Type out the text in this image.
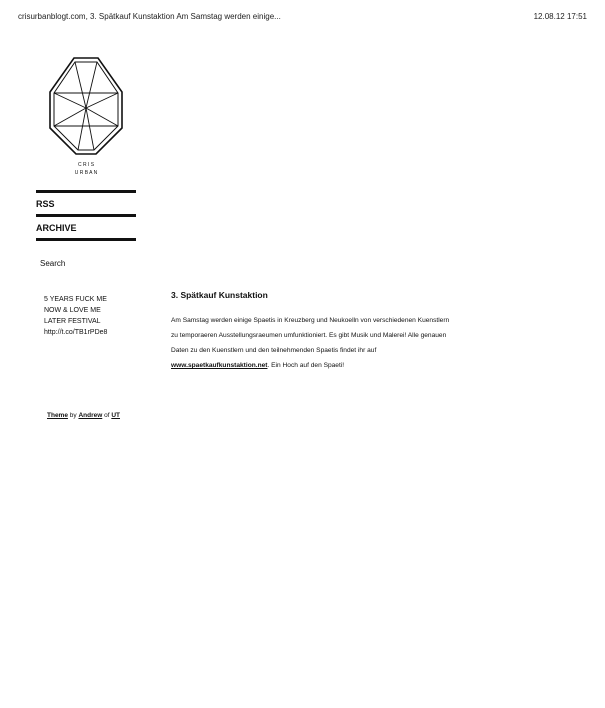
crisurbanblogt.com, 3. Spätkauf Kunstaktion Am Samstag werden einige...	12.08.12 17:51
C R I S
U R B A N
RSS
ARCHIVE
Search
5 YEARS FUCK ME
NOW & LOVE ME
LATER FESTIVAL
http://t.co/TB1rPDe8
Theme by Andrew of UT
3. Spätkauf Kunstaktion

Am Samstag werden einige Spaetis in Kreuzberg und Neukoelln von verschiedenen Kuenstlern
zu temporaeren Ausstellungsraeumen umfunktioniert. Es gibt Musik und Malerei! Alle genauen
Daten zu den Kuenstlern und den teilnehmenden Spaetis findet ihr auf
www.spaetkaufkunstaktion.net. Ein Hoch auf den Spaeti!
